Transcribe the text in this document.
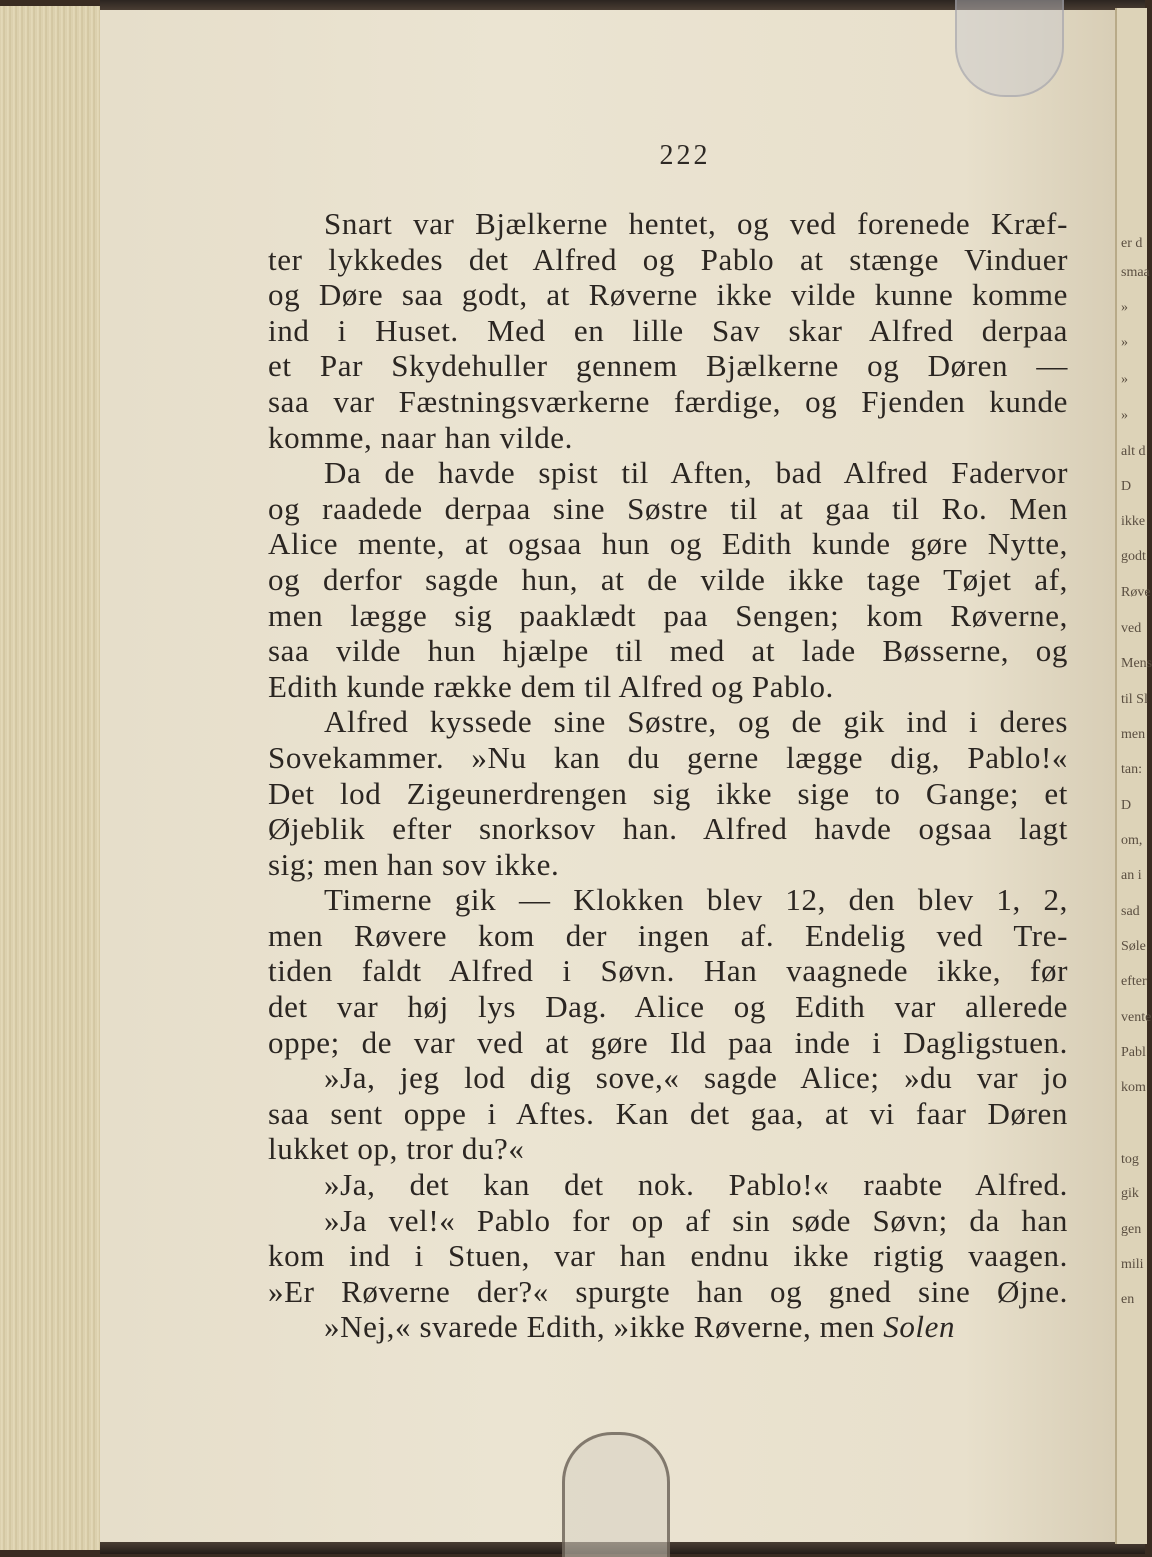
er d
smaa
»
»
»
»
alt d
D
ikke
godt
Røve
ved
Mens
til Sl
men
tan:
D
om,
an i
sad
Søle
efter
vente
Pabl
kom
tog
gik
gen
mili
en
222
Snart var Bjælkerne hentet, og ved forenede Kræf-
ter lykkedes det Alfred og Pablo at stænge Vinduer
og Døre saa godt, at Røverne ikke vilde kunne komme
ind i Huset. Med en lille Sav skar Alfred derpaa
et Par Skydehuller gennem Bjælkerne og Døren —
saa var Fæstningsværkerne færdige, og Fjenden kunde
komme, naar han vilde.
Da de havde spist til Aften, bad Alfred Fadervor
og raadede derpaa sine Søstre til at gaa til Ro. Men
Alice mente, at ogsaa hun og Edith kunde gøre Nytte,
og derfor sagde hun, at de vilde ikke tage Tøjet af,
men lægge sig paaklædt paa Sengen; kom Røverne,
saa vilde hun hjælpe til med at lade Bøsserne, og
Edith kunde række dem til Alfred og Pablo.
Alfred kyssede sine Søstre, og de gik ind i deres
Sovekammer. »Nu kan du gerne lægge dig, Pablo!«
Det lod Zigeunerdrengen sig ikke sige to Gange; et
Øjeblik efter snorksov han. Alfred havde ogsaa lagt
sig; men han sov ikke.
Timerne gik — Klokken blev 12, den blev 1, 2,
men Røvere kom der ingen af. Endelig ved Tre-
tiden faldt Alfred i Søvn. Han vaagnede ikke, før
det var høj lys Dag. Alice og Edith var allerede
oppe; de var ved at gøre Ild paa inde i Dagligstuen.
»Ja, jeg lod dig sove,« sagde Alice; »du var jo
saa sent oppe i Aftes. Kan det gaa, at vi faar Døren
lukket op, tror du?«
»Ja, det kan det nok. Pablo!« raabte Alfred.
»Ja vel!« Pablo for op af sin søde Søvn; da han
kom ind i Stuen, var han endnu ikke rigtig vaagen.
»Er Røverne der?« spurgte han og gned sine Øjne.
»Nej,« svarede Edith, »ikke Røverne, men Solen
